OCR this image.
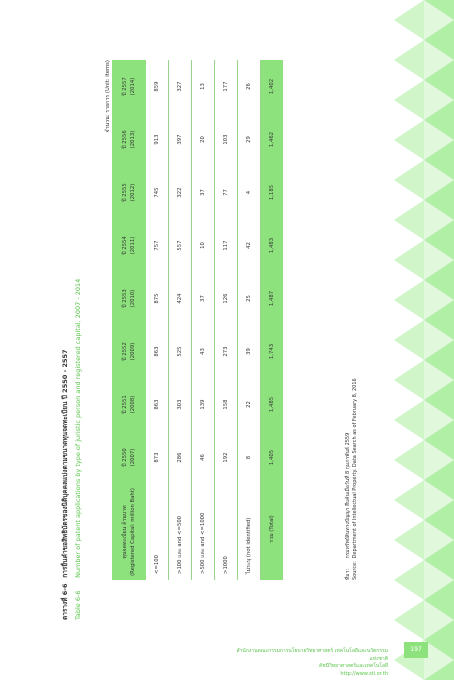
ตารางที่ 6-6 การยื่นคำขอสิทธิบัตรของนิติบุคคลแบ่งตามขนาดทุนจดทะเบียน ปี 2550 - 2557
Table 6-6 Number of patent applications by type of juristic person and registered capital, 2007 - 2014
จำนวน: รายการ (Unit: items)
ทุนจดทะเบียน ล้านบาท (Registered Capital: million Baht)	ปี 2550 (2007)	ปี 2551 (2008)	ปี 2552 (2009)	ปี 2553 (2010)	ปี 2554 (2011)	ปี 2555 (2012)	ปี 2556 (2013)	ปี 2557 (2014)
<=100	873	863	863	875	757	745	913	859
>100 และ and <=500	286	303	525	424	557	322	397	327
>500 และ and <=1000	46	139	43	37	10	37	20	13
>1000	192	158	273	126	117	77	103	177
ไม่ระบุ (not identified)	8	22	39	25	42	4	29	26
รวม (Total)	1,405	1,485	1,743	1,487	1,483	1,185	1,462	1,402
ที่มา: กรมทรัพย์สินทางปัญญา สืบค้นเมื่อวันที่ 8 กุมภาพันธ์ 2559
Source: Department of Intellectual Property. Data Search as of February 8, 2016
สำนักงานคณะกรรมการนโยบายวิทยาศาสตร์ เทคโนโลยีและนวัตกรรมแห่งชาติ
ดัชนีวิทยาศาสตร์และเทคโนโลยี
http://www.sti.or.th
197
